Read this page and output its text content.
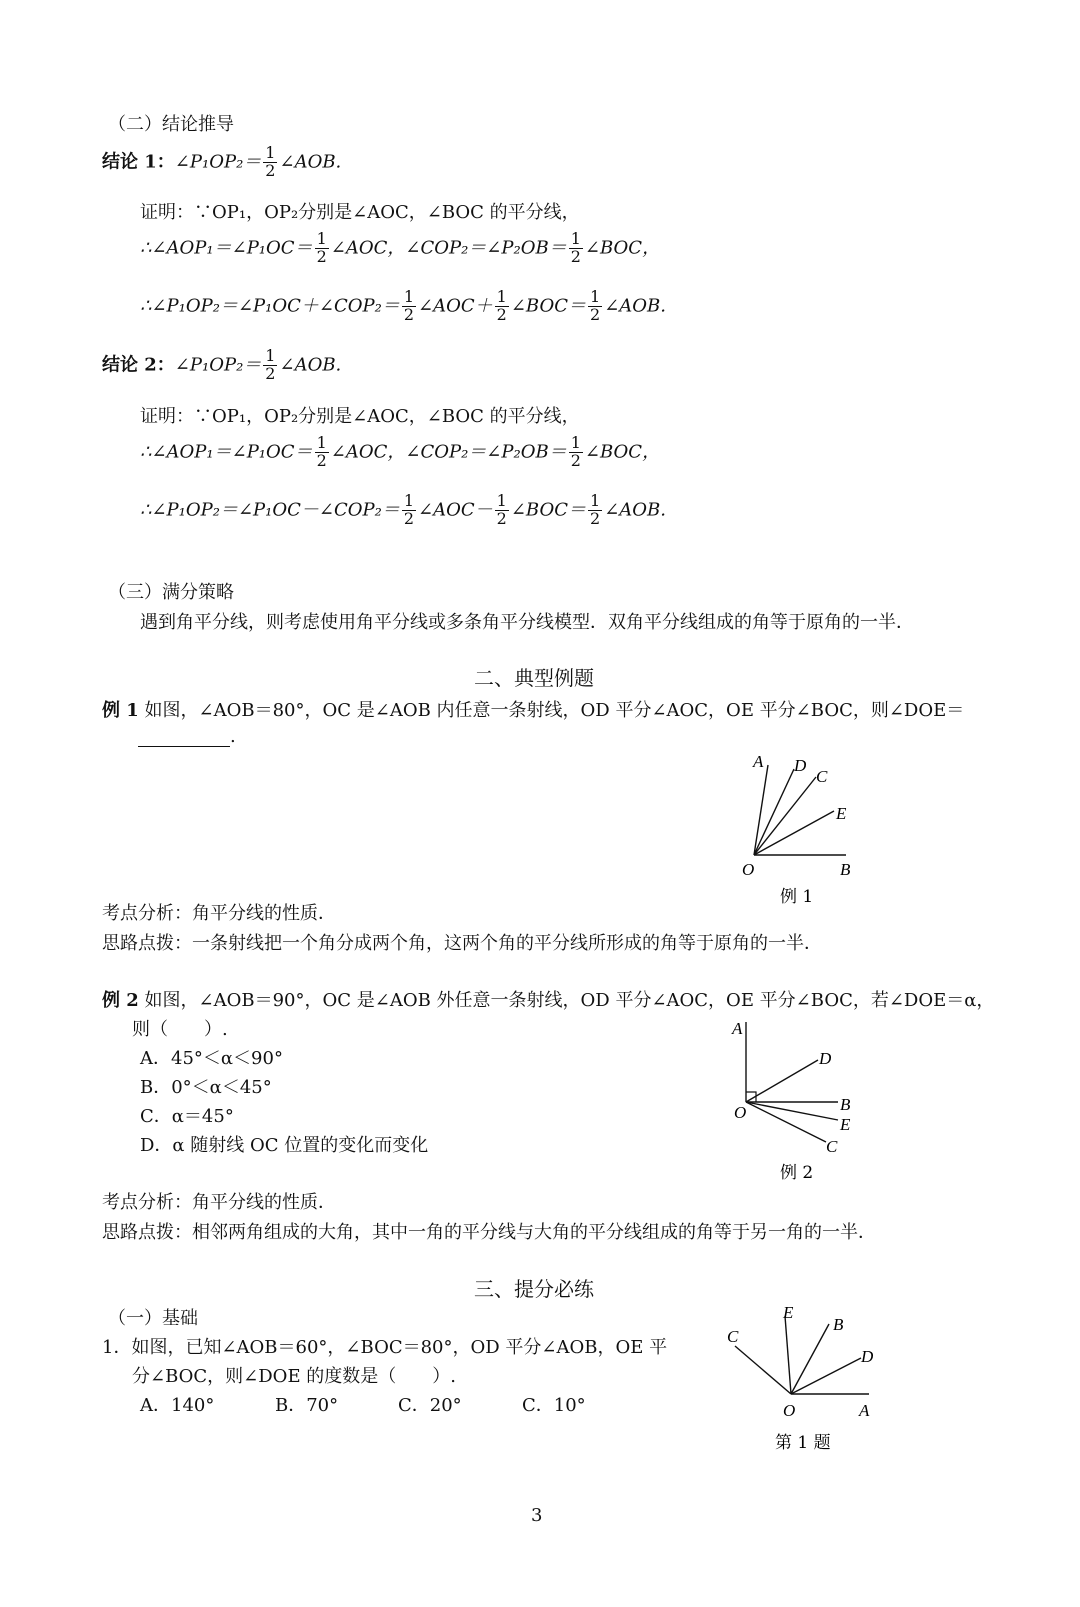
（二）结论推导
结论 1：∠P₁OP₂＝ $\frac{1}{2}$ ∠AOB.
证明：∵OP₁，OP₂分别是∠AOC，∠BOC 的平分线，
∴∠AOP₁＝∠P₁OC＝ $\frac{1}{2}$ ∠AOC，∠COP₂＝∠P₂OB＝ $\frac{1}{2}$ ∠BOC，
∴∠P₁OP₂＝∠P₁OC＋∠COP₂＝ $\frac{1}{2}$ ∠AOC＋ $\frac{1}{2}$ ∠BOC＝ $\frac{1}{2}$ ∠AOB.
结论 2：∠P₁OP₂＝ $\frac{1}{2}$ ∠AOB.
证明：∵OP₁，OP₂分别是∠AOC，∠BOC 的平分线，
∴∠AOP₁＝∠P₁OC＝ $\frac{1}{2}$ ∠AOC，∠COP₂＝∠P₂OB＝ $\frac{1}{2}$ ∠BOC，
∴∠P₁OP₂＝∠P₁OC－∠COP₂＝ $\frac{1}{2}$ ∠AOC－ $\frac{1}{2}$ ∠BOC＝ $\frac{1}{2}$ ∠AOB.
（三）满分策略
遇到角平分线，则考虑使用角平分线或多条角平分线模型．双角平分线组成的角等于原角的一半．
二、典型例题
例 1 如图，∠AOB＝80°，OC 是∠AOB 内任意一条射线，OD 平分∠AOC，OE 平分∠BOC，则∠DOE＝
.
A D
C
E
O	B
例 1
考点分析：角平分线的性质．
思路点拨：一条射线把一个角分成两个角，这两个角的平分线所形成的角等于原角的一半．
例 2 如图，∠AOB＝90°，OC 是∠AOB 外任意一条射线，OD 平分∠AOC，OE 平分∠BOC，若∠DOE＝α，
则（　　）.
A．45°＜α＜90°
B．0°＜α＜45°
C．α＝45°
D．α 随射线 OC 位置的变化而变化
A
D
O	B
E
C
例 2
考点分析：角平分线的性质．
思路点拨：相邻两角组成的大角，其中一角的平分线与大角的平分线组成的角等于另一角的一半．
三、提分必练
（一）基础
1．如图，已知∠AOB＝60°，∠BOC＝80°，OD 平分∠AOB，OE 平
分∠BOC，则∠DOE 的度数是（　　）.
A．140°	B．70°	C．20°	C．10°
C
E
B
D
O	A
第 1 题
3
